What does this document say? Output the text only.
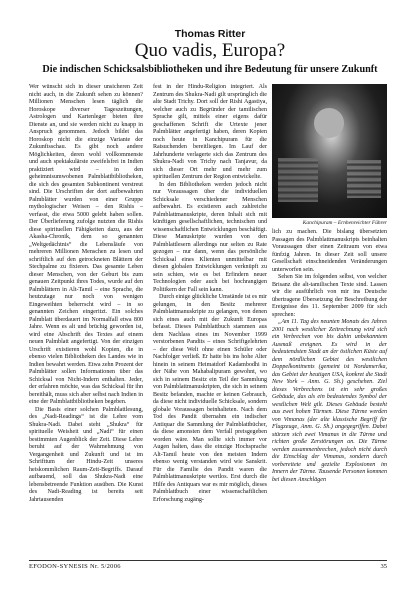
Thomas Ritter
Quo vadis, Europa?
Die indischen Schicksalsbibliotheken und ihre Bedeutung für unsere Zukunft

Wer wünscht sich in dieser unsicheren Zeit nicht auch, in die Zukunft sehen zu können? Millionen Menschen lesen täglich die Horoskope diverser Tageszeitungen, Astrologen und Kartenleger bieten ihre Dienste an, und sie werden nicht zu knapp in Anspruch genommen. Jedoch bildet das Horoskop nicht die einzige Variante der Zukunftsschau. Es gibt noch andere Möglichkeiten, deren wohl vollkommenste und auch spektakulärste zweifelsfrei in Indien praktiziert wird – in den geheimnisumwobenen Palmblattbibliotheken, die sich des gesamten Subkontinent verstreut sind. Die Urschriften der dort aufbewahrten Palmblätter wurden von einer Gruppe mythologischer Weisen – den Rishis – verfasst, die etwa 5000 gelebt haben sollen. Der Überlieferung zufolge nutzten die Rishis diese spirituellen Fähigkeiten dazu, aus der Akasha-Chronik, dem so genannten „Weltgedächtnis“ die Lebensläufe von mehreren Millionen Menschen zu lesen und schriftlich auf den getrockneten Blättern der Stechpalme zu fixieren. Das gesamte Leben dieser Menschen, von der Geburt bis zum genauen Zeitpunkt ihres Todes, wurde auf den Palmblättern in Alt-Tamil – eine Sprache, die heutzutage nur noch von wenigen Eingeweihten beherrscht wird – in so genannten Zeichen eingeritzt. Ein solches Palmblatt überdauert im Normalfall etwa 800 Jahre. Wenn es alt und brüchig geworden ist, wird eine Abschrift des Textes auf einem neuen Palmblatt angefertigt. Von der einzigen Urschrift existieren wohl Kopien, die in ebenso vielen Bibliotheken des Landes wie in Indien bewahrt werden. Etwa zehn Prozent der Palmblätter sollen Informationen über das Schicksal von Nicht-Indern enthalten. Jeder, der erfahren möchte, was das Schicksal für ihn bereithält, muss sich aber selbst nach Indien in eine der Palmblattbibliotheken begeben.

Die Basis einer solchen Palmblattlesung, des „Nadi-Readings“ ist die Lehre vom Shukra-Nadi. Dabei steht „Shukra“ für spirituelle Weisheit und „Nadi“ für einen bestimmten Augenblick der Zeit. Diese Lehre beruht auf der Wahrnehmung von Vergangenheit und Zukunft und ist im Schrifttum der Hindu-Zeit unseres heiskommlichen Raum-Zeit-Begriffs. Darauf aufbauend, soll das Shukra-Nadi eine lebensbetreende Funktion ausüben. Die Kunst des Nadi-Reading ist bereits seit Jahrtausenden

fest in der Hindu-Religion integriert. Als Zentrum des Shukra-Nadi gilt ursprünglich die alte Stadt Trichy. Dort soll der Rishi Agastiya, welcher auch zu Begründer der tamilischen Sprache gilt, mittels einer eigens dafür geschaffenen Schrift die Urtexte jener Palmblätter angefertigt haben, deren Kopien noch heute in Kanchipuram für die Ratsuchenden bereitliegen. Im Lauf der Jahrhunderte verlagerte sich das Zentrum des Shukra-Nadi von Trichy nach Tanjavur, da sich dieser Ort mehr und mehr zum spirituellen Zentrum der Region entwickelte.

In den Bibliotheken werden jedoch nicht nur Voraussagen über die individuellen Schicksale verschiedener Menschen aufbewahrt. Es existieren auch zahlreiche Palmblattmanuskripte, deren Inhalt sich mit künftigen gesellschaftlichen, technischen und wissenschaftlichen Entwicklungen beschäftigt. Diese Manuskripte wurden von den Palmblattlesern allerdings nur selten zu Rate gezogen – nur dann, wenn das persönliche Schicksal eines Klienten unmittelbar mit diesen globalen Entwicklungen verknüpft zu sein schien, wie es bei Erfindern neuer Technologien oder auch bei hochrangigen Politikern der Fall sein kann.

Durch einige glückliche Umstände ist es mir gelungen, in den Besitz mehrerer Palmblattmanuskripte zu gelangen, von denen sich eines auch mit der Zukunft Europas befasst. Dieses Palmblattbuch stammen aus dem Nachlass eines im November 1999 verstorbenen Pandits – eines Schriftgelehrten – der diese Welt ohne einen Schüler oder Nachfolger verließ. Er hatte bis ins hohe Alter hinein in seinem Heimatdorf Kadambodhi in der Nähe von Mahabalipuram gewohnt, wo sich in seinem Besitz ein Teil der Sammlung von Palmblattmanuskripten, die sich in seinem Besitz befanden, machte er keinen Gebrauch, da diese nicht individuelle Schicksale, sondern globale Voraussagen beinhalteten. Nach dem Tod des Pandit übernahm ein indischer Antiquar die Sammlung der Palmblattbücher, da diese amonsten dem Verfall preisgegeben worden wäre. Man sollte sich immer vor Augen halten, dass die einzige Hochsprache Alt-Tamil heute von den meisten Indern ebenso wenig verstanden wird wie Sanskrit. Für die Familie des Pandit waren die Palmblattmanuskripte wertlos. Erst durch die Hilfe des Antiquars war es mir möglich, dieses Palmblattbuch einer wissenschaftlichen Erforschung zugäng-

Kanchipuram – Ernhenreichter Führer

lich zu machen. Die bislang übersetzten Passagen des Palmblattmanuskripts beinhalten Voraussagen über einen Zeitraum von etwa fünfzig Jahren. In dieser Zeit soll unsere Gesellschaft einschneidenden Veränderungen unterworfen sein.

Sehen Sie im folgenden selbst, von welcher Brisanz die alt-tamilischen Texte sind. Lassen wir die ausführlich von mir ins Deutsche übertragene Übersetzung der Beschreibung der Ereignisse des 11. September 2009 für sich sprechen:

„Am 11. Tag des neunten Monats des Jahres 2001 nach westlicher Zeitrechnung wird sich ein Verbrechen von bis dahin unbekanntem Ausmaß ereignen. Es wird in der bedeutendsten Stadt an der östlichen Küste auf dem nördlichen Gebiet des westlichen Doppelkontinents (gemeint ist Nordamerika, das Gebiet der heutigen USA, konkret die Stadt New York – Anm. G. Sh.) geschehen. Ziel dieses Verbrechens ist ein sehr großes Gebäude, das als ein bedeutendes Symbol der westlichen Welt gilt. Dieses Gebäude besteht aus zwei hohen Türmen. Diese Türme werden von Vimanas (der alte klassische Begriff für Flugzeuge, Anm. G. Sh.) angegegriffen. Dabei stürzen sich zwei Vimanas in die Türme und richten große Zerstörungen an. Die Türme werden zusammenbrechen, jedoch nicht durch die Einschlag der Vimanas, sondern durch vorbereitete und gezielte Explosionen im Innern der Türme. Tausende Personen kommen bei diesen Anschlägen

EFODON-SYNESIS Nr. 5/2006	35
